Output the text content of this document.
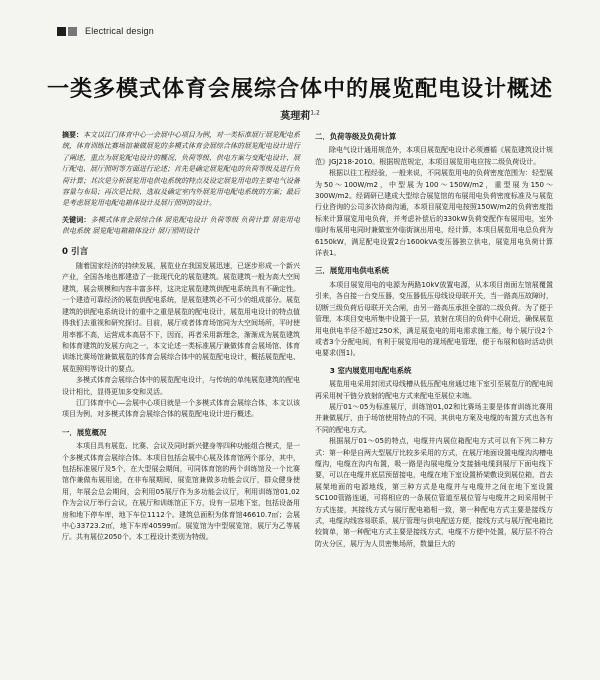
Electrical design
一类多模式体育会展综合体中的展览配电设计概述
莫理莉$^{1,2}$

摘要：本文以江门体育中心一会展中心项目为例，对一类标准展厅展览配电系统，体育训练比赛场馆兼做展览的多模式体育会展综合体的展览配电设计进行了阐述，重点为展览配电设计的概况、负荷等级、供电方案与变配电设计、展厅配电、展厅照明等方面进行论述；首先是确定展览配电的负荷等级及进行负荷计算；其次是分析展览用电供电系统的特点及设定展览用电的主要电气设备容量与布局；再次是比较、选取及确定室内外展览用电配电系统的方案；最后是考虑展览用电配电箱体设计及展厅照明的设计。

关键词：多模式体育会展综合体 展览配电设计 负荷等级 负荷计算 展览用电供电系统 展览配电箱箱体设计 展厅照明设计

0 引言

随着国家经济的持续发展，展览业在我国发展迅速，已逐步形成一个新兴产业，全国各地也都建造了一批现代化的展览建筑。展览建筑一般为高大空间建筑，展会规模和内容丰富多样，这决定展览建筑供配电系统具有不确定性。一个建造可靠经济的展览供配电系统，是展览建筑必不可少的组成部分。展览建筑的供配电系统设计的重中之重是展览的配电设计，展览用电设计的特点值得我们去重视和研究探讨。目前，展厅或者体育场馆同为大空间场所，平时使用率都不高，运营成本高居不下，因而，再者采用新理念，渐渐成为展览建筑和体育建筑的发展方向之一，本文论述一类标准展厅兼做体育会展场馆、体育训练比赛场馆兼做展览的体育会展综合体中的展览配电设计，概括展览配电、展览照明等设计的要点。

多模式体育会展综合体中的展览配电设计，与传统的单纯展览建筑的配电设计相比，显得更加多变和灵活。

江门体育中心—会展中心项目就是一个多模式体育会展综合体，本文以该项目为例，对多模式体育会展综合体的展览配电设计进行概述。

一．展览概况

本项目具有展览、比赛、会议及同时新兴健身等四种功能组合模式，是一个多模式体育会展综合体。本项目包括会展中心展及体育馆两个部分，其中，包括标准展厅及5个，在大型展会期间，可同体育馆的两个训练馆及一个比赛馆作兼做布展用途，在非布展期间，展览馆兼做多功能会议厅，群众健身使用，年展会总会期间，会利用05展厅作为多功能会议厅，利用训练馆01,02作为会议厅举行会议，在展厅和训练馆正下方，设有一层地下室，包括设备用房和地下停车库，地下车位1112个。建筑总面积为体育馆46610.7㎡；会展中心33723.2㎡，地下车库40599㎡。展览馆为中型展览馆，展厅为乙等展厅。共有展位2050个。本工程设计类别为特级。

二．负荷等级及负荷计算

除电气设计通用规范外，本项目展览配电设计必须遵循《展览建筑设计规范》JGJ218-2010。根据规范规定，本项目展览用电应按二级负荷设计。

根据以往工程经验，一般来说，不同展览用电的负荷密度范围为：轻型展为50～100W/m2，中型展为100～150W/m2，重型展为150～300W/m2。经调研已建成大型综合展览馆的布展用电负荷密度标准及与展览行业咨询的公司多次协商沟通，本项目展览用电按照150W/m2的负荷密度指标来计算展览用电负荷，并考虑补偿后的330kW负荷变配作布展用电，室外临时布展用电同时兼做室外临街演出用电，经计算，本项目展览用电总负荷为6150kW，满足配电设置2台1600kVA变压器独立供电，展览用电负荷计算详表1。

三．展览用电供电系统

本项目展览用电的电源为两路10kV放置电源，从本项目南面左馆展覆置引来，各自接一台变压器，变压器低压母线设母联开关，当一路高压故障时，切断三级负荷后母联开关合闸，由另一路高压承担全部的二级负荷。为了便于管理，本项目变电所集中设置于一层，放射在项目的负荷中心附近，确保展览用电供电半径不超过250米，满足展览电的用电需求施工能，每个展厅设2个或者3个分配电间，有利于展览用电的现场配电管理，便于布展和临时活动供电要求(图1)。

3 室内展览用电配电系统

展览用电采用封闭式母线槽从低压配电房通过地下室引至展览厅的配电间再采用树干链分放射的配电方式来配电至展位末端。

展厅01～05为标准展厅，训练馆01,02和比赛场主要是体育训练比赛用并兼做展厅，由于场馆使用特点的不同，其供电方案及电缆的布置方式也各有不同的配电方式。

根据展厅01～05的特点，电缆井内展位箱配电方式可以有下列二种方式：第一种是自两大型展厅比较多采用的方式，在展厅地面设置电缆沟沟槽电缆沟，电缆在沟内布置，吸一路是沟展电缆分支接插电缆到展厅下面电线下要，可以在电缆井底层预留接电，电缆在地下室设置桥架敷设到展位箱，首去展架地面的电源地线，第三种方式是电缆井与电缆井之间在地下室设置SC100管路连通，可将相应的一条展位管道至展位管与电缆井之间采用树干方式连接，其接线方式与展厅配电箱相一致，第一种配电方式主要是接线方式，电缆沟线容易联系，展厅管理与供电配送方便，接线方式与展厅配电箱比较简单，第一种配电方式主要是接线方式，电缆不方便中处置，展厅层不符合防火分区，展厅为人员密集场所，数量巨大的
